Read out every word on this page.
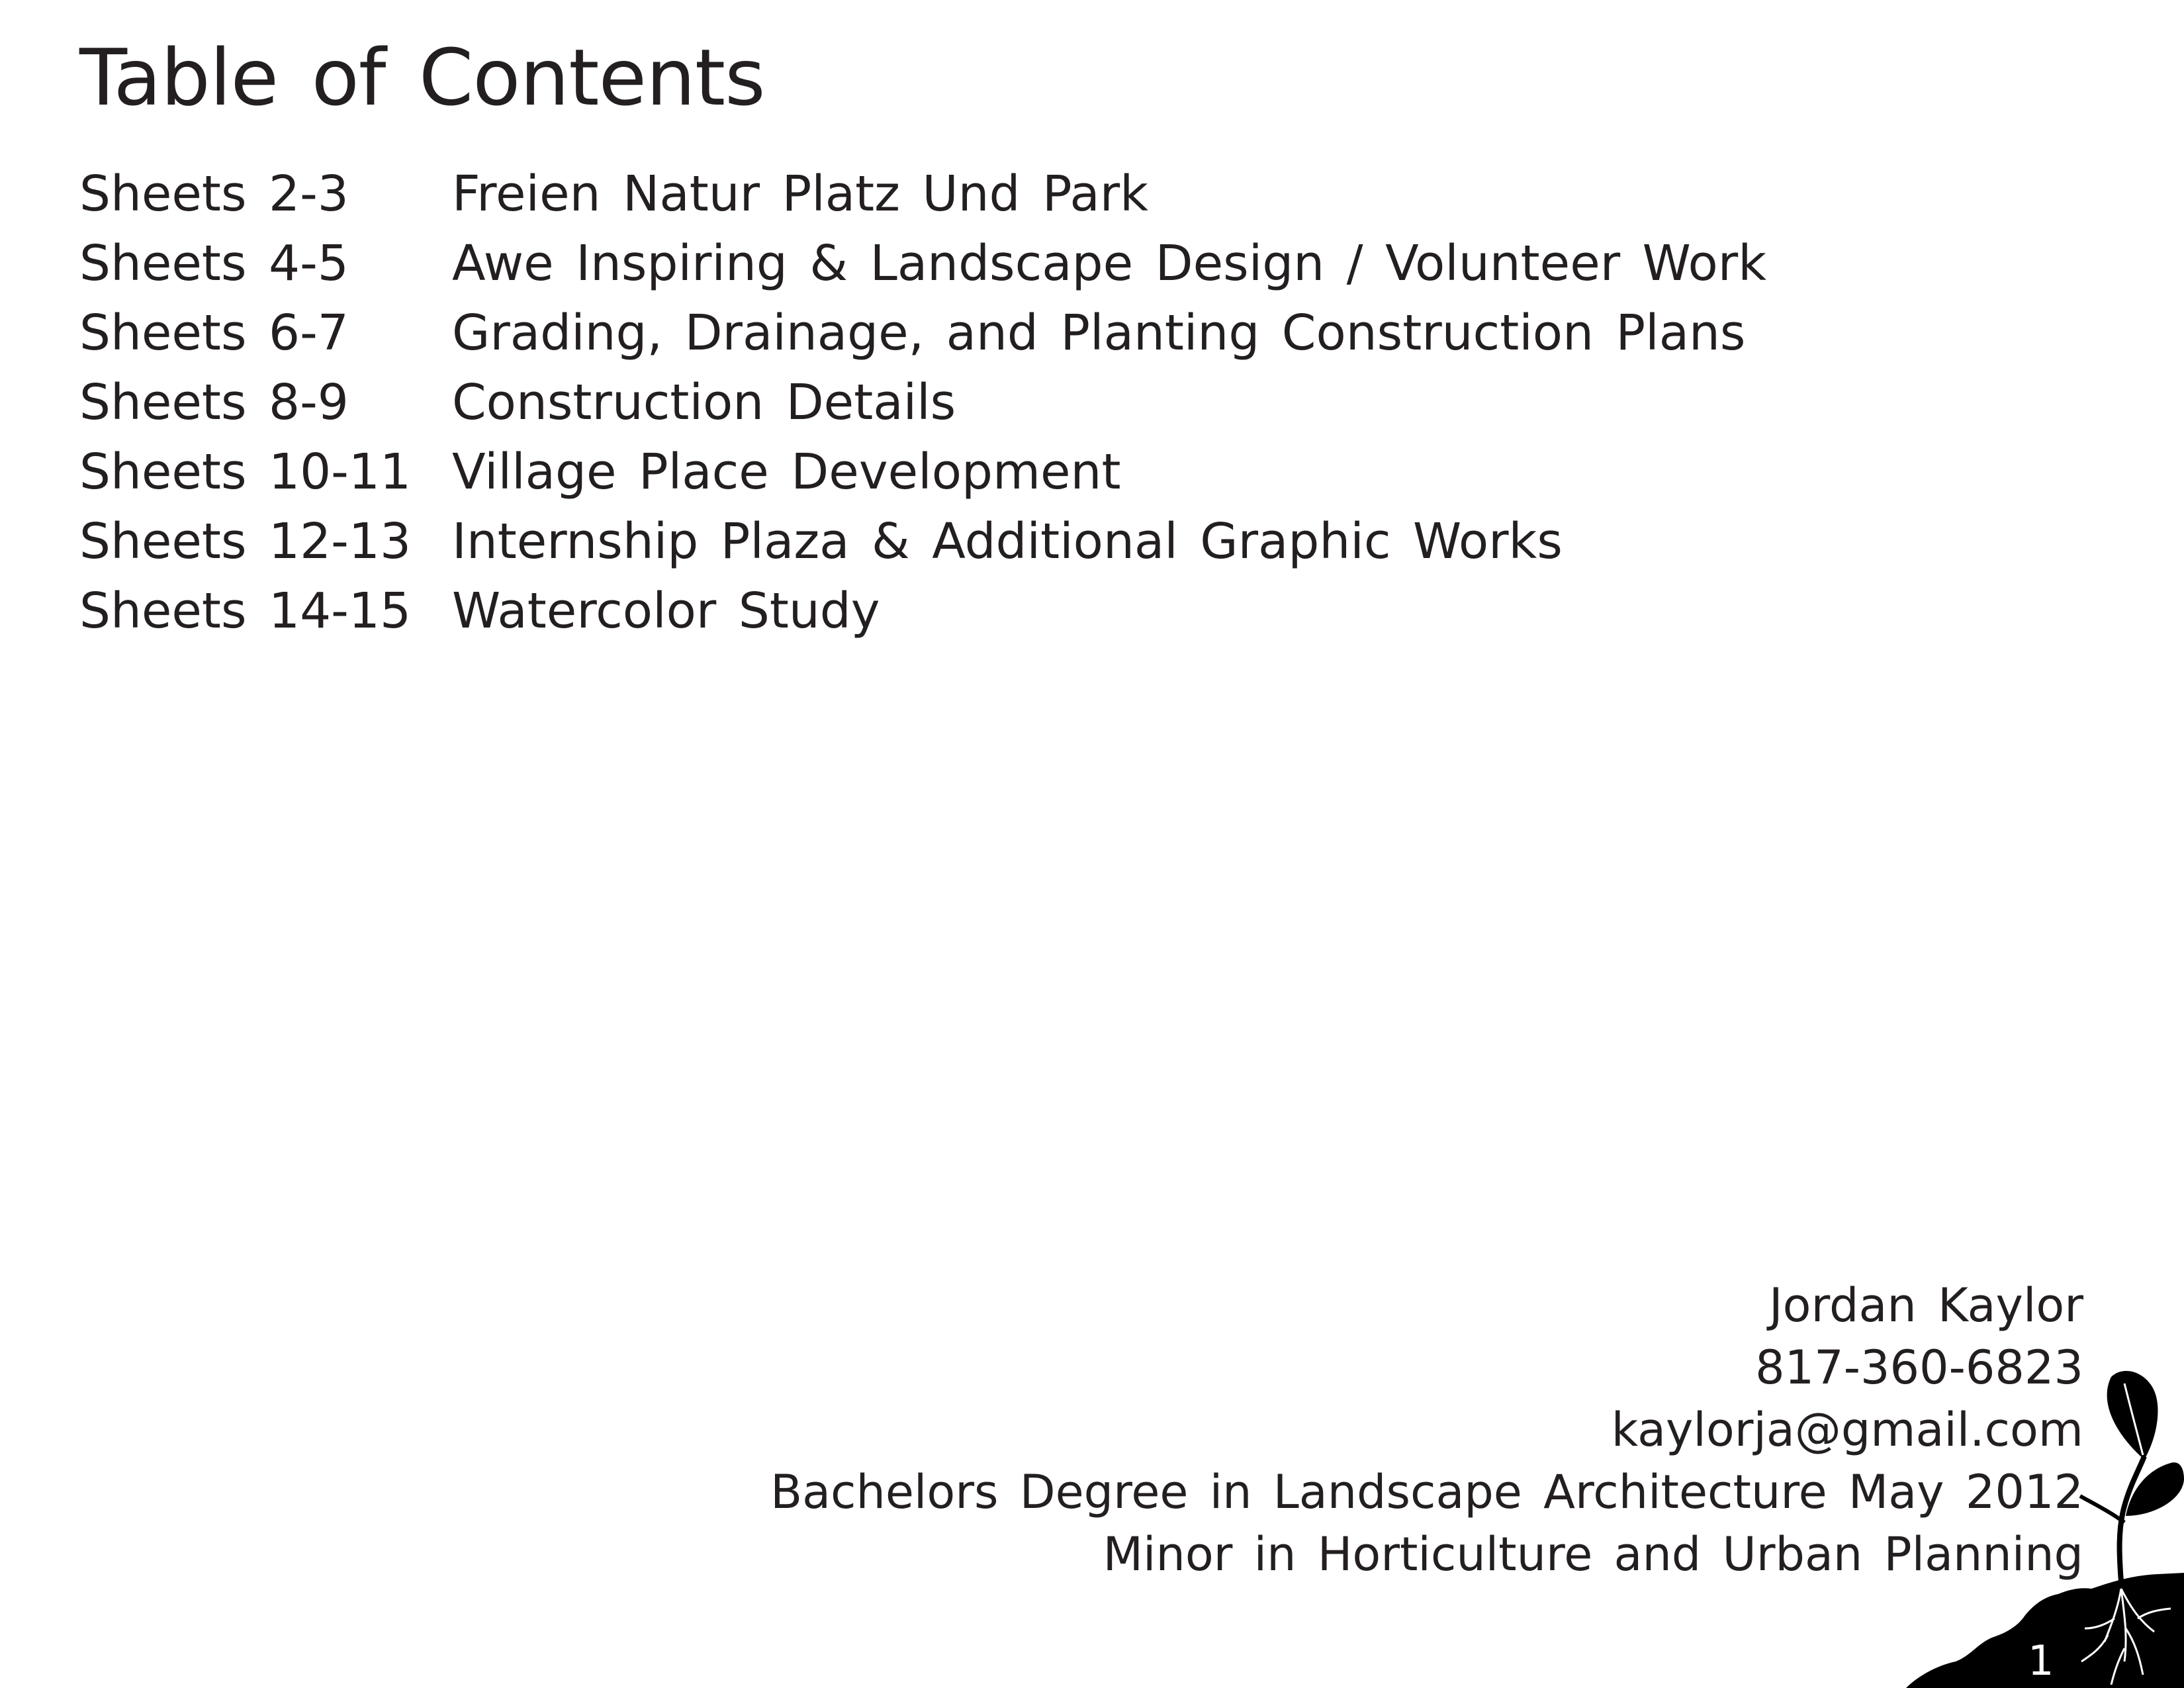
Table of Contents
Sheets 2-3	Freien Natur Platz Und Park
Sheets 4-5	Awe Inspiring & Landscape Design / Volunteer Work
Sheets 6-7	Grading, Drainage, and Planting Construction Plans
Sheets 8-9	Construction Details
Sheets 10-11 Village Place Development
Sheets 12-13 Internship Plaza & Additional Graphic Works
Sheets 14-15 Watercolor Study
Jordan Kaylor
817-360-6823
kaylorja@gmail.com
Bachelors Degree in Landscape Architecture May 2012
Minor in Horticulture and Urban Planning
1
